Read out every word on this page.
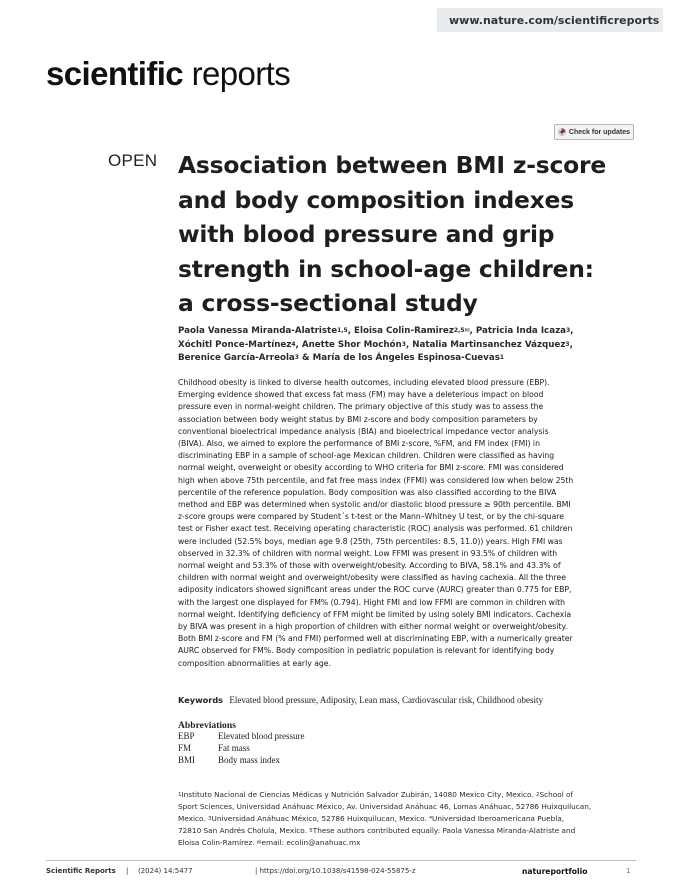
www.nature.com/scientificreports
scientific reports
Check for updates
OPEN Association between BMI z-score
and body composition indexes
with blood pressure and grip
strength in school-age children:
a cross-sectional study
Paola Vanessa Miranda-Alatriste$^{1,5}$, Eloisa Colin-Ramirez$^{2,5✉}$, Patricia Inda Icaza$^3$,
Xóchitl Ponce-Martínez$^4$, Anette Shor Mochón$^3$, Natalia Martinsanchez Vázquez$^3$,
Berenice García-Arreola$^3$ & María de los Ángeles Espinosa-Cuevas$^1$
Childhood obesity is linked to diverse health outcomes, including elevated blood pressure (EBP).
Emerging evidence showed that excess fat mass (FM) may have a deleterious impact on blood
pressure even in normal-weight children. The primary objective of this study was to assess the
association between body weight status by BMI z-score and body composition parameters by
conventional bioelectrical impedance analysis (BIA) and bioelectrical impedance vector analysis
(BIVA). Also, we aimed to explore the performance of BMI z-score, %FM, and FM index (FMI) in
discriminating EBP in a sample of school-age Mexican children. Children were classified as having
normal weight, overweight or obesity according to WHO criteria for BMI z-score. FMI was considered
high when above 75th percentile, and fat free mass index (FFMI) was considered low when below 25th
percentile of the reference population. Body composition was also classified according to the BIVA
method and EBP was determined when systolic and/or diastolic blood pressure ≥ 90th percentile. BMI
z-score groups were compared by Student´s t-test or the Mann–Whitney U test, or by the chi-square
test or Fisher exact test. Receiving operating characteristic (ROC) analysis was performed. 61 children
were included (52.5% boys, median age 9.8 (25th, 75th percentiles: 8.5, 11.0)) years. High FMI was
observed in 32.3% of children with normal weight. Low FFMI was present in 93.5% of children with
normal weight and 53.3% of those with overweight/obesity. According to BIVA, 58.1% and 43.3% of
children with normal weight and overweight/obesity were classified as having cachexia. All the three
adiposity indicators showed significant areas under the ROC curve (AURC) greater than 0.775 for EBP,
with the largest one displayed for FM% (0.794). Hight FMI and low FFMI are common in children with
normal weight. Identifying deficiency of FFM might be limited by using solely BMI indicators. Cachexia
by BIVA was present in a high proportion of children with either normal weight or overweight/obesity.
Both BMI z-score and FM (% and FMI) performed well at discriminating EBP, with a numerically greater
AURC observed for FM%. Body composition in pediatric population is relevant for identifying body
composition abnormalities at early age.
Keywords Elevated blood pressure, Adiposity, Lean mass, Cardiovascular risk, Childhood obesity
Abbreviations
EBP	Elevated blood pressure
FM	Fat mass
BMI	Body mass index
$^1$Instituto Nacional de Ciencias Médicas y Nutrición Salvador Zubirán, 14080 Mexico City, Mexico. $^2$School of
Sport Sciences, Universidad Anáhuac México, Av. Universidad Anáhuac 46, Lomas Anáhuac, 52786 Huixquilucan,
Mexico. $^3$Universidad Anáhuac México, 52786 Huixquilucan, Mexico. ⁴Universidad Iberoamericana Puebla,
72810 San Andrés Cholula, Mexico. $^5$These authors contributed equally: Paola Vanessa Miranda-Alatriste and
Eloisa Colin-Ramírez. ✉email: ecolin@anahuac.mx
Scientific Reports | (2024) 14:5477	| https://doi.org/10.1038/s41598-024-55875-z	natureportfolio	1
